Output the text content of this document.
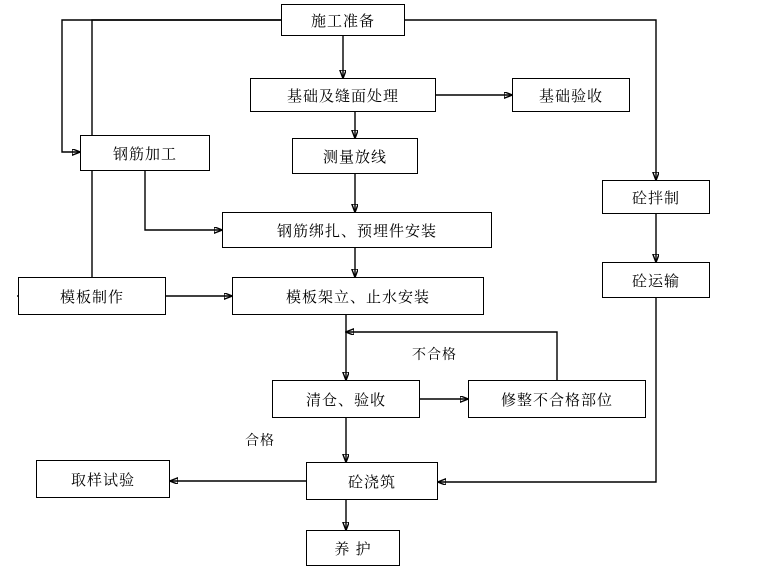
施工准备
基础及缝面处理	基础验收
钢筋加工	测量放线
砼拌制
钢筋绑扎、预埋件安装
砼运输
模板制作	模板架立、止水安装
清仓、验收	修整不合格部位
取样试验	砼浇筑
养 护
不合格
合格
